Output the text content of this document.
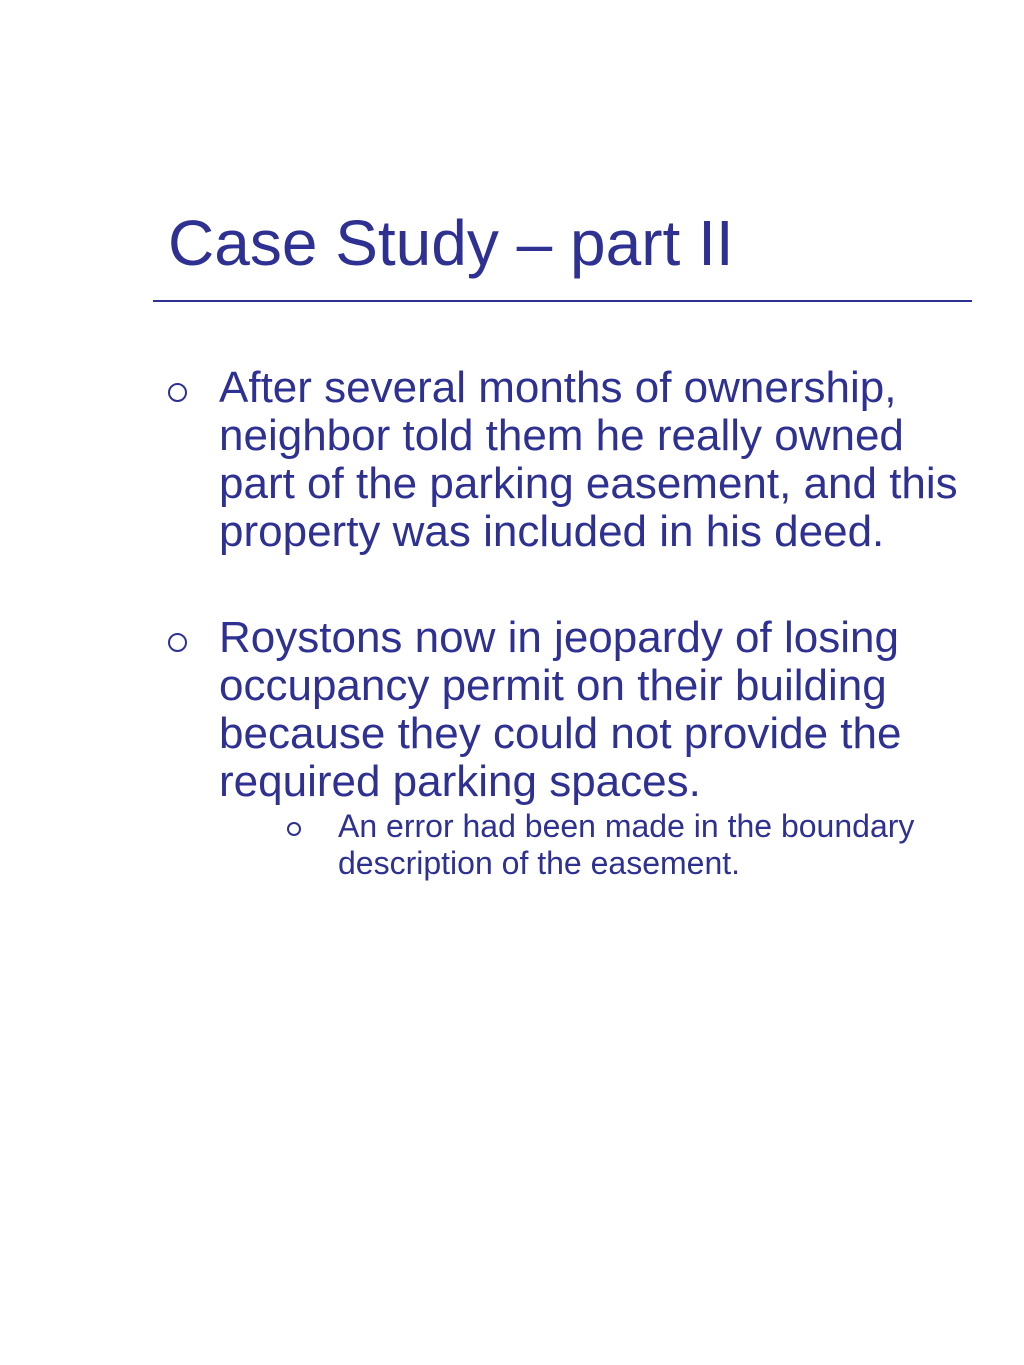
Case Study – part II
After several months of ownership, neighbor told them he really owned part of the parking easement, and this property was included in his deed.
Roystons now in jeopardy of losing occupancy permit on their building because they could not provide the required parking spaces.
An error had been made in the boundary description of the easement.
